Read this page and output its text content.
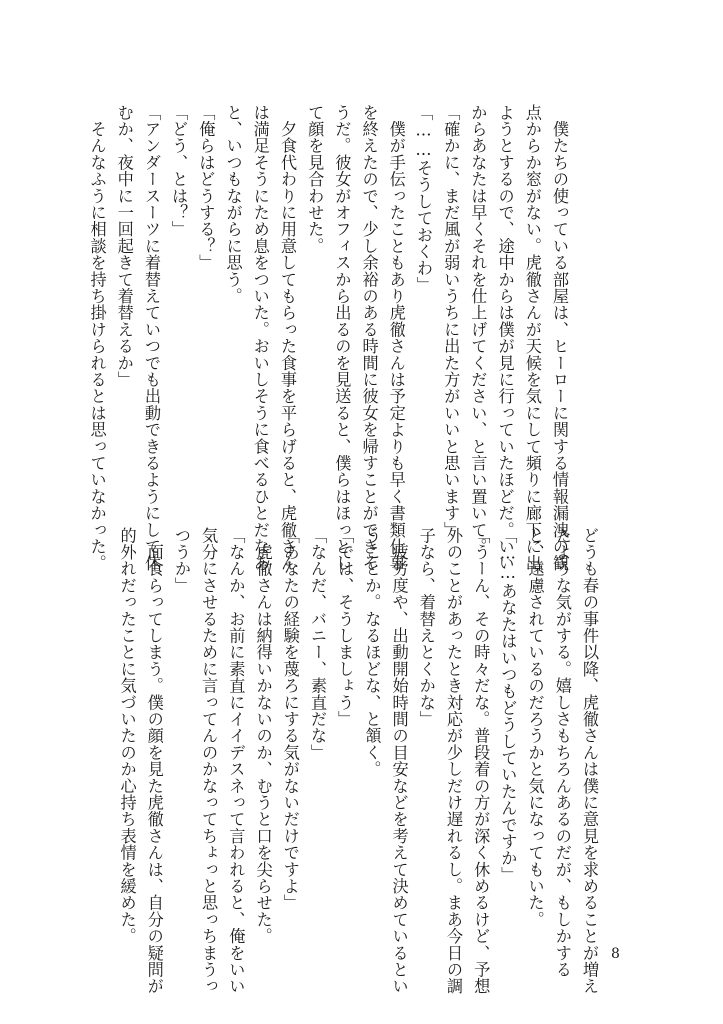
　僕たちの使っている部屋は、ヒーローに関する情報漏洩の観
点からか窓がない。虎徹さんが天候を気にして頻りに廊下に出
ようとするので、途中からは僕が見に行っていたほどだ。いい
からあなたは早くそれを仕上げてください、と言い置いて。
「確かに、まだ風が弱いうちに出た方がいいと思います」
「……そうしておくわ」
　僕が手伝ったこともあり虎徹さんは予定よりも早く書類仕事
を終えたので、少し余裕のある時間に彼女を帰すことができそ
うだ。彼女がオフィスから出るのを見送ると、僕らはほっとし
て顔を見合わせた。
　夕食代わりに用意してもらった食事を平らげると、虎徹さん
は満足そうにため息をついた。おいしそうに食べるひとだなあ
と、いつもながらに思う。
「俺らはどうする？」
「どう、とは？」
「アンダースーツに着替えていつでも出動できるようにして休
むか、夜中に一回起きて着替えるか」
　そんなふうに相談を持ち掛けられるとは思っていなかった。
どうも春の事件以降、虎徹さんは僕に意見を求めることが増え
たような気がする。嬉しさもちろんあるのだが、もしかする
と、遠慮されているのだろうかと気になってもいた。
「……あなたはいつもどうしていたんですか」
「うーん、その時々だな。普段着の方が深く休めるけど、予想
外のことがあったとき対応が少しだけ遅れるし。まあ今日の調
子なら、着替えとくかな」
　疲労度や、出動開始時間の目安などを考えて決めているとい
うことか。なるほどな、と頷く。
「では、そうしましょう」
「なんだ、バニー、素直だな」
「あなたの経験を蔑ろにする気がないだけですよ」
　虎徹さんは納得いかないのか、むうと口を尖らせた。
「なんか、お前に素直にイイデスネって言われると、俺をいい
気分にさせるために言ってんのかなってちょっと思っちまうっ
つうか」
　面食らってしまう。僕の顔を見た虎徹さんは、自分の疑問が
的外れだったことに気づいたのか心持ち表情を緩めた。
8
